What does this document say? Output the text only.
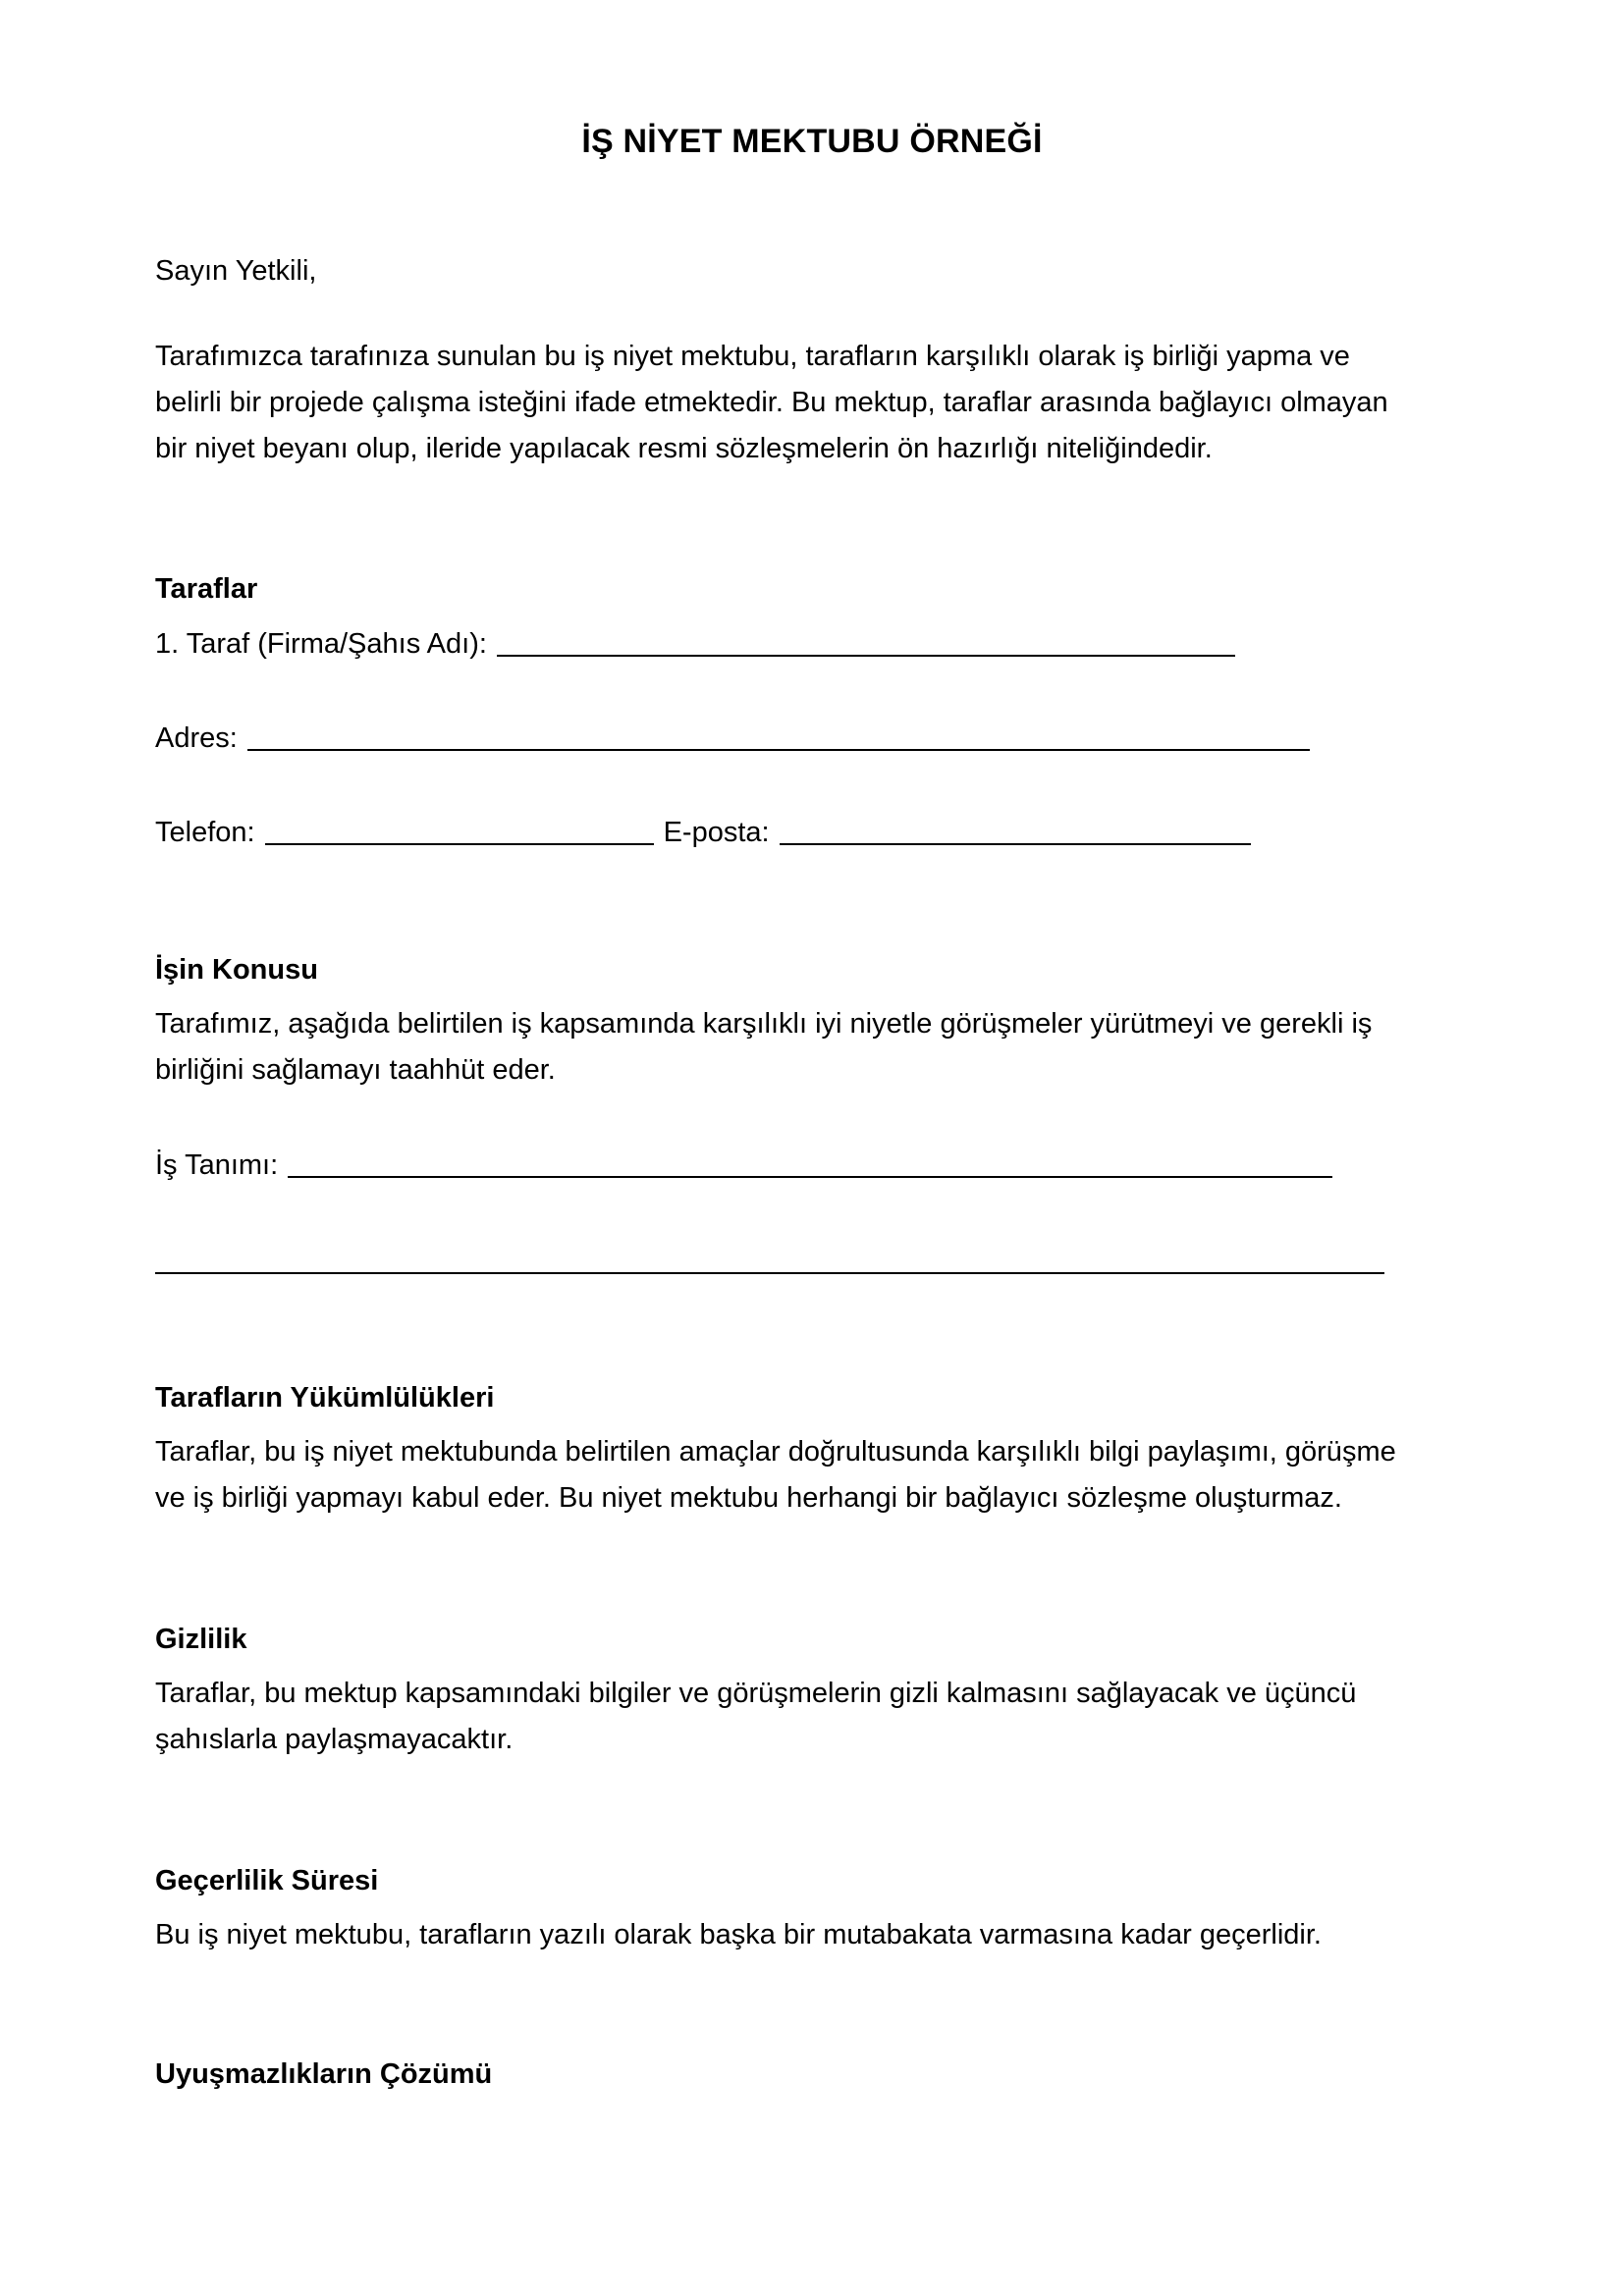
İŞ NİYET MEKTUBU ÖRNEĞİ
Sayın Yetkili,
Tarafımızca tarafınıza sunulan bu iş niyet mektubu, tarafların karşılıklı olarak iş birliği yapma ve
belirli bir projede çalışma isteğini ifade etmektedir. Bu mektup, taraflar arasında bağlayıcı olmayan
bir niyet beyanı olup, ileride yapılacak resmi sözleşmelerin ön hazırlığı niteliğindedir.
Taraflar
1. Taraf (Firma/Şahıs Adı):
Adres:
Telefon:	E-posta:
İşin Konusu
Tarafımız, aşağıda belirtilen iş kapsamında karşılıklı iyi niyetle görüşmeler yürütmeyi ve gerekli iş
birliğini sağlamayı taahhüt eder.
İş Tanımı:
Tarafların Yükümlülükleri
Taraflar, bu iş niyet mektubunda belirtilen amaçlar doğrultusunda karşılıklı bilgi paylaşımı, görüşme
ve iş birliği yapmayı kabul eder. Bu niyet mektubu herhangi bir bağlayıcı sözleşme oluşturmaz.
Gizlilik
Taraflar, bu mektup kapsamındaki bilgiler ve görüşmelerin gizli kalmasını sağlayacak ve üçüncü
şahıslarla paylaşmayacaktır.
Geçerlilik Süresi
Bu iş niyet mektubu, tarafların yazılı olarak başka bir mutabakata varmasına kadar geçerlidir.
Uyuşmazlıkların Çözümü
